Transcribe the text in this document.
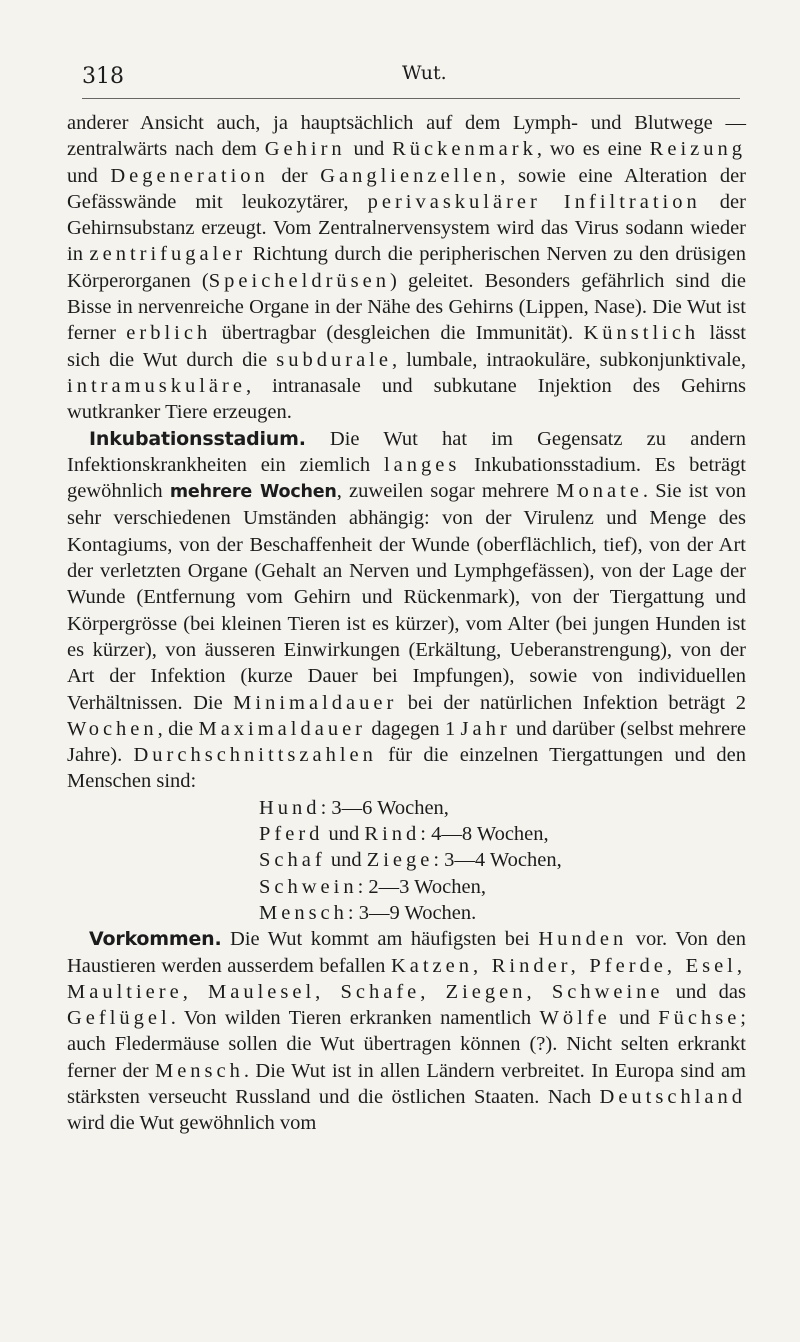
318	Wut.

anderer Ansicht auch, ja hauptsächlich auf dem Lymph- und Blutwege — zentralwärts nach dem Gehirn und Rückenmark, wo es eine Reizung und Degeneration der Ganglienzellen, sowie eine Alteration der Gefässwände mit leukozytärer, perivaskulärer Infiltration der Gehirnsubstanz erzeugt. Vom Zentralnervensystem wird das Virus sodann wieder in zentrifugaler Richtung durch die peripherischen Nerven zu den drüsigen Körperorganen (Speicheldrüsen) geleitet. Besonders gefährlich sind die Bisse in nervenreiche Organe in der Nähe des Gehirns (Lippen, Nase). Die Wut ist ferner erblich übertragbar (desgleichen die Immunität). Künstlich lässt sich die Wut durch die subdurale, lumbale, intraokuläre, subkonjunktivale, intramuskuläre, intranasale und subkutane Injektion des Gehirns wutkranker Tiere erzeugen.

Inkubationsstadium. Die Wut hat im Gegensatz zu andern Infektionskrankheiten ein ziemlich langes Inkubationsstadium. Es beträgt gewöhnlich mehrere Wochen, zuweilen sogar mehrere Monate. Sie ist von sehr verschiedenen Umständen abhängig: von der Virulenz und Menge des Kontagiums, von der Beschaffenheit der Wunde (oberflächlich, tief), von der Art der verletzten Organe (Gehalt an Nerven und Lymphgefässen), von der Lage der Wunde (Entfernung vom Gehirn und Rückenmark), von der Tiergattung und Körpergrösse (bei kleinen Tieren ist es kürzer), vom Alter (bei jungen Hunden ist es kürzer), von äusseren Einwirkungen (Erkältung, Ueberanstrengung), von der Art der Infektion (kurze Dauer bei Impfungen), sowie von individuellen Verhältnissen. Die Minimaldauer bei der natürlichen Infektion beträgt 2 Wochen, die Maximaldauer dagegen 1 Jahr und darüber (selbst mehrere Jahre). Durchschnittszahlen für die einzelnen Tiergattungen und den Menschen sind:

Hund: 3—6 Wochen,
Pferd und Rind: 4—8 Wochen,
Schaf und Ziege: 3—4 Wochen,
Schwein: 2—3 Wochen,
Mensch: 3—9 Wochen.

Vorkommen. Die Wut kommt am häufigsten bei Hunden vor. Von den Haustieren werden ausserdem befallen Katzen, Rinder, Pferde, Esel, Maultiere, Maulesel, Schafe, Ziegen, Schweine und das Geflügel. Von wilden Tieren erkranken namentlich Wölfe und Füchse; auch Fledermäuse sollen die Wut übertragen können (?). Nicht selten erkrankt ferner der Mensch. Die Wut ist in allen Ländern verbreitet. In Europa sind am stärksten verseucht Russland und die östlichen Staaten. Nach Deutschland wird die Wut gewöhnlich vom
